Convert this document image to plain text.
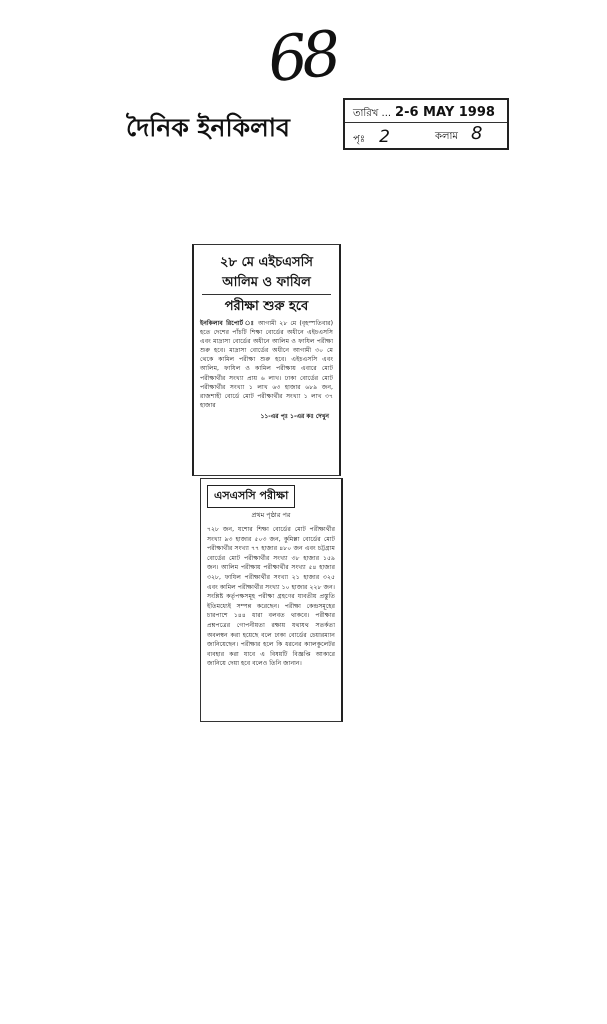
68
দৈনিক ইনকিলাব	তারিখ ... 2-6 MAY 1998
পৃঃ 2	কলাম 8
২৮ মে এইচএসসি
আলিম ও ফাযিল
পরীক্ষা শুরু হবে
ইনকিলাব রিপোর্ট ঃ আগামী ২৮ মে (বৃহস্পতিবার) হতে দেশের পাঁচটি শিক্ষা বোর্ডের অধীনে এইচএসসি এবং মাদ্রাসা বোর্ডের অধীনে আলিম ও ফাযিল পরীক্ষা শুরু হবে। মাদ্রাসা বোর্ডের অধীনে আগামী ৩০ মে থেকে কামিল পরীক্ষা শুরু হবে। এইচএসসি এবং আলিম, ফাযিল ও কামিল পরীক্ষায় এবারে মোট পরীক্ষার্থীর সংখ্যা প্রায় ৬ লাখ। ঢাকা বোর্ডের মোট পরীক্ষার্থীর সংখ্যা ১ লাখ ৬৩ হাজার ৬৮৯ জন, রাজশাহী বোর্ডে মোট পরীক্ষার্থীর সংখ্যা ১ লাখ ৩৭ হাজার
১১-এর পৃঃ ১-এর কঃ দেখুন
এসএসসি পরীক্ষা
প্রথম পৃষ্ঠার পর
৭২৮ জন, যশোর শিক্ষা বোর্ডের মোট পরীক্ষার্থীর সংখ্যা ৯৩ হাজার ৫০৩ জন, কুমিল্লা বোর্ডের মোট পরীক্ষার্থীর সংখ্যা ৭৭ হাজার ৪৮০ জন এবং চট্টগ্রাম বোর্ডের মোট পরীক্ষার্থীর সংখ্যা ৩৮ হাজার ১৫৯ জন। আলিম পরীক্ষায় পরীক্ষার্থীর সংখ্যা ৫৪ হাজার ৩২৮, ফাযিল পরীক্ষার্থীর সংখ্যা ২১ হাজার ৩২৫ এবং কামিল পরীক্ষার্থীর সংখ্যা ১০ হাজার ২২৮ জন। সংশ্লিষ্ট কর্তৃপক্ষসমূহ পরীক্ষা গ্রহণের যাবতীয় প্রস্তুতি ইতিমধ্যেই সম্পন্ন করেছেন। পরীক্ষা কেন্দ্রসমূহের চারপাশে ১৪৪ ধারা বলবত থাকবে। পরীক্ষার প্রশ্নপত্রের গোপনীয়তা রক্ষায় যথাযথ সতর্কতা অবলম্বন করা হয়েছে বলে ঢাকা বোর্ডের চেয়ারম্যান জানিয়েছেন। পরীক্ষার হলে কি ধরনের ক্যালকুলেটর ব্যবহার করা যাবে এ বিষয়টি বিজ্ঞপ্তি আকারে জানিয়ে দেয়া হবে বলেও তিনি জানান।
